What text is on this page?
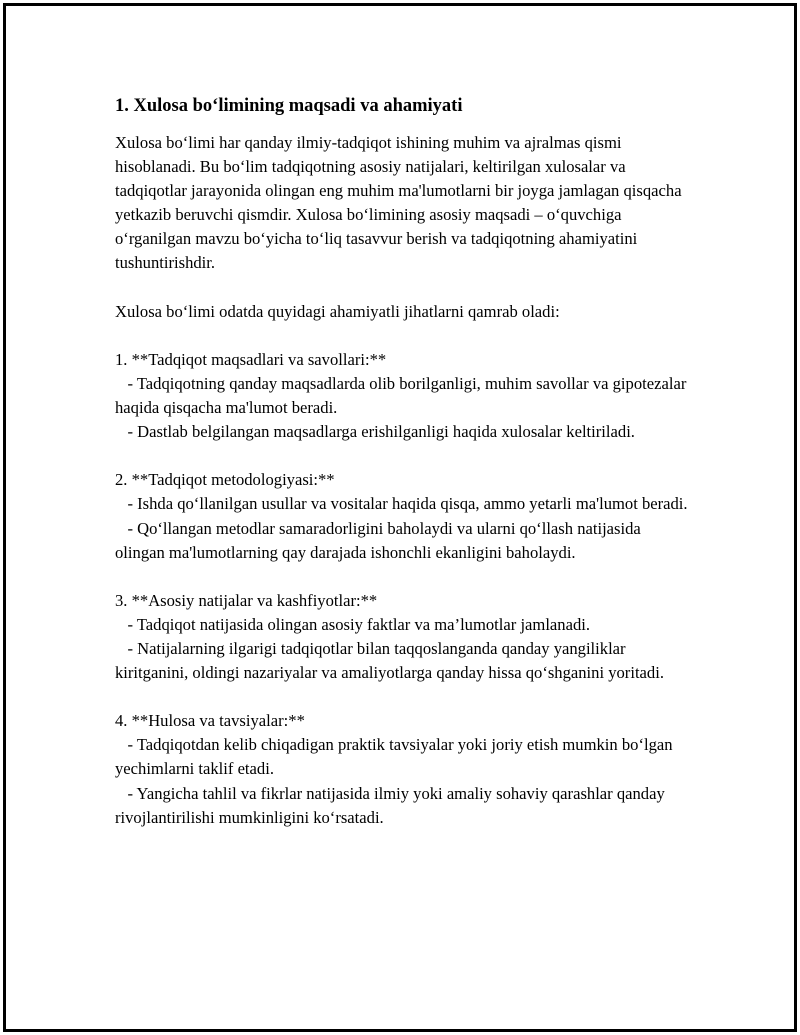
1. Xulosa bo‘limining maqsadi va ahamiyati

Xulosa bo‘limi har qanday ilmiy-tadqiqot ishining muhim va ajralmas qismi hisoblanadi. Bu bo‘lim tadqiqotning asosiy natijalari, keltirilgan xulosalar va tadqiqotlar jarayonida olingan eng muhim ma'lumotlarni bir joyga jamlagan qisqacha yetkazib beruvchi qismdir. Xulosa bo‘limining asosiy maqsadi – o‘quvchiga o‘rganilgan mavzu bo‘yicha to‘liq tasavvur berish va tadqiqotning ahamiyatini tushuntirishdir.

Xulosa bo‘limi odatda quyidagi ahamiyatli jihatlarni qamrab oladi:

1. **Tadqiqot maqsadlari va savollari:**

- Tadqiqotning qanday maqsadlarda olib borilganligi, muhim savollar va gipotezalar haqida qisqacha ma'lumot beradi.

- Dastlab belgilangan maqsadlarga erishilganligi haqida xulosalar keltiriladi.

2. **Tadqiqot metodologiyasi:**

- Ishda qo‘llanilgan usullar va vositalar haqida qisqa, ammo yetarli ma'lumot beradi.

- Qo‘llangan metodlar samaradorligini baholaydi va ularni qo‘llash natijasida olingan ma'lumotlarning qay darajada ishonchli ekanligini baholaydi.

3. **Asosiy natijalar va kashfiyotlar:**

- Tadqiqot natijasida olingan asosiy faktlar va ma’lumotlar jamlanadi.

- Natijalarning ilgarigi tadqiqotlar bilan taqqoslanganda qanday yangiliklar kiritganini, oldingi nazariyalar va amaliyotlarga qanday hissa qo‘shganini yoritadi.

4. **Hulosa va tavsiyalar:**

- Tadqiqotdan kelib chiqadigan praktik tavsiyalar yoki joriy etish mumkin bo‘lgan yechimlarni taklif etadi.

- Yangicha tahlil va fikrlar natijasida ilmiy yoki amaliy sohaviy qarashlar qanday rivojlantirilishi mumkinligini ko‘rsatadi.
